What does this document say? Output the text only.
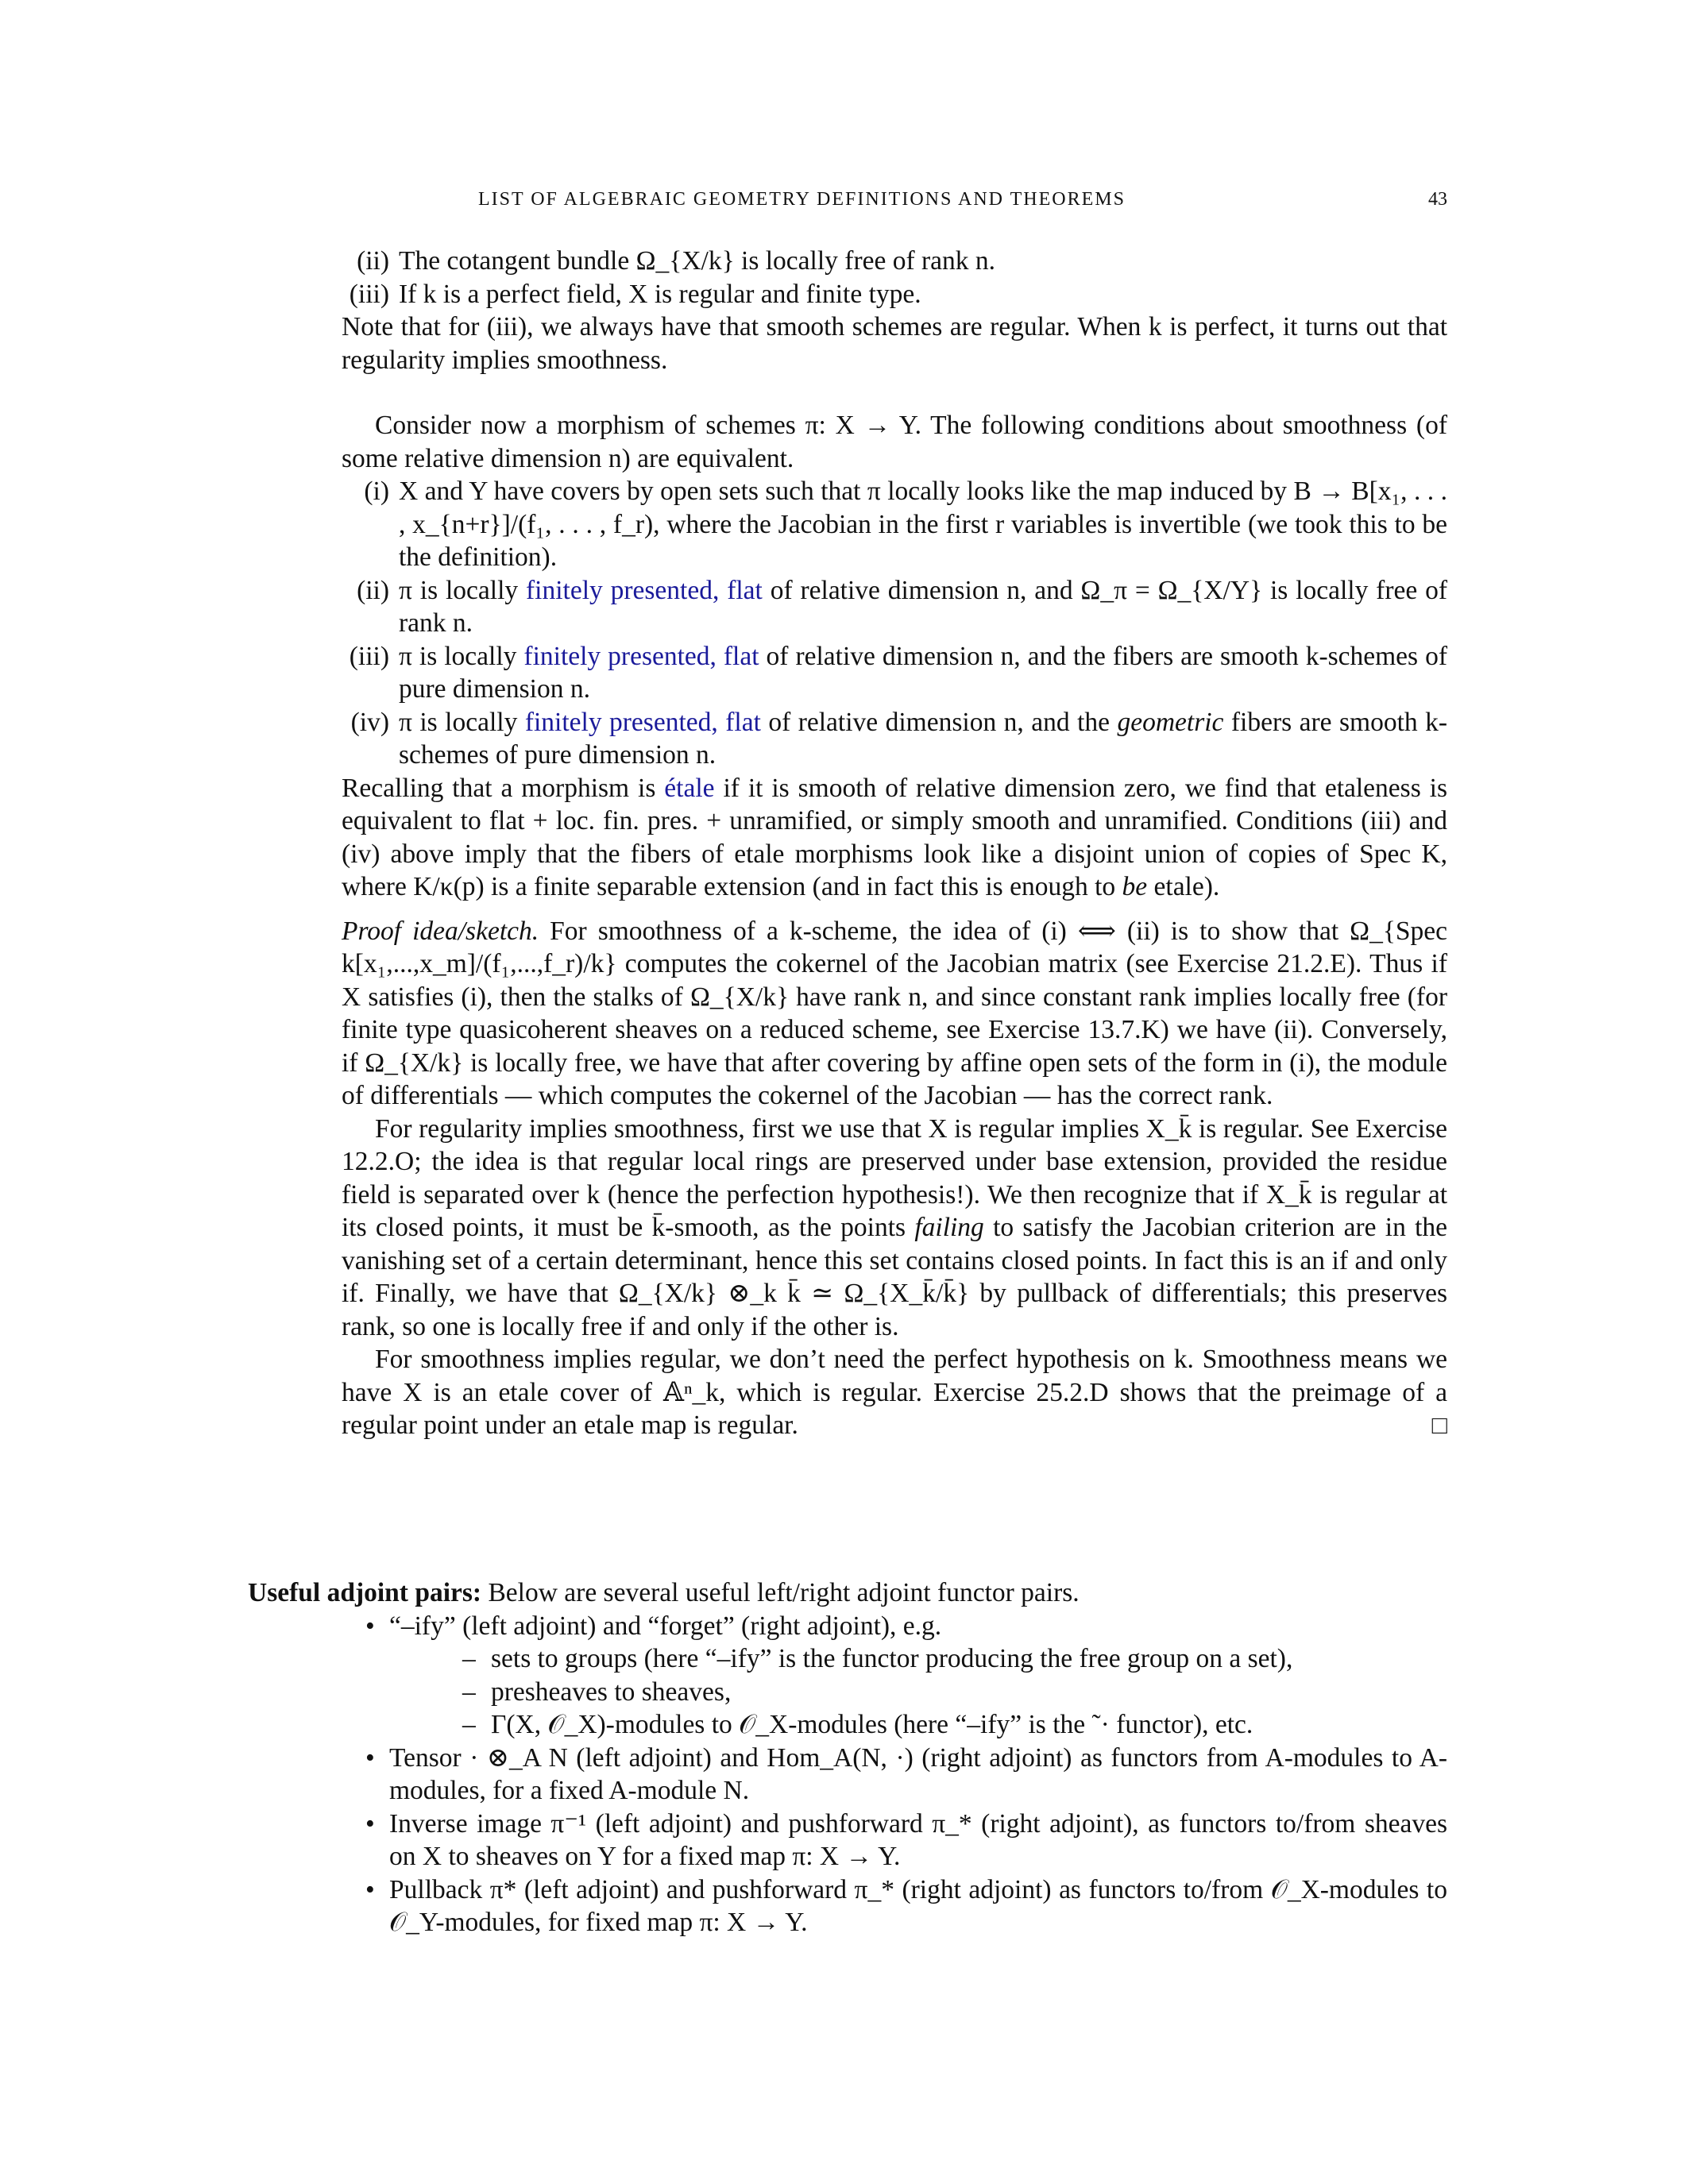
LIST OF ALGEBRAIC GEOMETRY DEFINITIONS AND THEOREMS	43
(ii) The cotangent bundle Ω_{X/k} is locally free of rank n.
(iii) If k is a perfect field, X is regular and finite type.

Note that for (iii), we always have that smooth schemes are regular. When k is perfect, it turns out that regularity implies smoothness.

Consider now a morphism of schemes π: X → Y. The following conditions about smoothness (of some relative dimension n) are equivalent.

(i) X and Y have covers by open sets such that π locally looks like the map induced by B → B[x₁, . . . , x_{n+r}]/(f₁, . . . , f_r), where the Jacobian in the first r variables is invertible (we took this to be the definition).
(ii) π is locally finitely presented, flat of relative dimension n, and Ω_π = Ω_{X/Y} is locally free of rank n.
(iii) π is locally finitely presented, flat of relative dimension n, and the fibers are smooth k-schemes of pure dimension n.
(iv) π is locally finitely presented, flat of relative dimension n, and the geometric fibers are smooth k-schemes of pure dimension n.

Recalling that a morphism is étale if it is smooth of relative dimension zero, we find that etaleness is equivalent to flat + loc. fin. pres. + unramified, or simply smooth and unramified. Conditions (iii) and (iv) above imply that the fibers of etale morphisms look like a disjoint union of copies of Spec K, where K/κ(p) is a finite separable extension (and in fact this is enough to be etale).

Proof idea/sketch. For smoothness of a k-scheme, the idea of (i) ⟺ (ii) is to show that Ω_{Spec k[x₁,...,x_m]/(f₁,...,f_r)/k} computes the cokernel of the Jacobian matrix (see Exercise 21.2.E). Thus if X satisfies (i), then the stalks of Ω_{X/k} have rank n, and since constant rank implies locally free (for finite type quasicoherent sheaves on a reduced scheme, see Exercise 13.7.K) we have (ii). Conversely, if Ω_{X/k} is locally free, we have that after covering by affine open sets of the form in (i), the module of differentials — which computes the cokernel of the Jacobian — has the correct rank.

For regularity implies smoothness, first we use that X is regular implies X_k̄ is regular. See Exercise 12.2.O; the idea is that regular local rings are preserved under base extension, provided the residue field is separated over k (hence the perfection hypothesis!). We then recognize that if X_k̄ is regular at its closed points, it must be k̄-smooth, as the points failing to satisfy the Jacobian criterion are in the vanishing set of a certain determinant, hence this set contains closed points. In fact this is an if and only if. Finally, we have that Ω_{X/k} ⊗_k k̄ ≃ Ω_{X_k̄/k̄} by pullback of differentials; this preserves rank, so one is locally free if and only if the other is.

For smoothness implies regular, we don’t need the perfect hypothesis on k. Smoothness means we have X is an etale cover of 𝔸ⁿ_k, which is regular. Exercise 25.2.D shows that the preimage of a regular point under an etale map is regular.	□

Useful adjoint pairs: Below are several useful left/right adjoint functor pairs.

• “–ify” (left adjoint) and “forget” (right adjoint), e.g.
– sets to groups (here “–ify” is the functor producing the free group on a set),
– presheaves to sheaves,
– Γ(X, 𝒪_X)-modules to 𝒪_X-modules (here “–ify” is the ˜· functor), etc.
• Tensor · ⊗_A N (left adjoint) and Hom_A(N, ·) (right adjoint) as functors from A-modules to A-modules, for a fixed A-module N.
• Inverse image π⁻¹ (left adjoint) and pushforward π_* (right adjoint), as functors to/from sheaves on X to sheaves on Y for a fixed map π: X → Y.
• Pullback π* (left adjoint) and pushforward π_* (right adjoint) as functors to/from 𝒪_X-modules to 𝒪_Y-modules, for fixed map π: X → Y.
